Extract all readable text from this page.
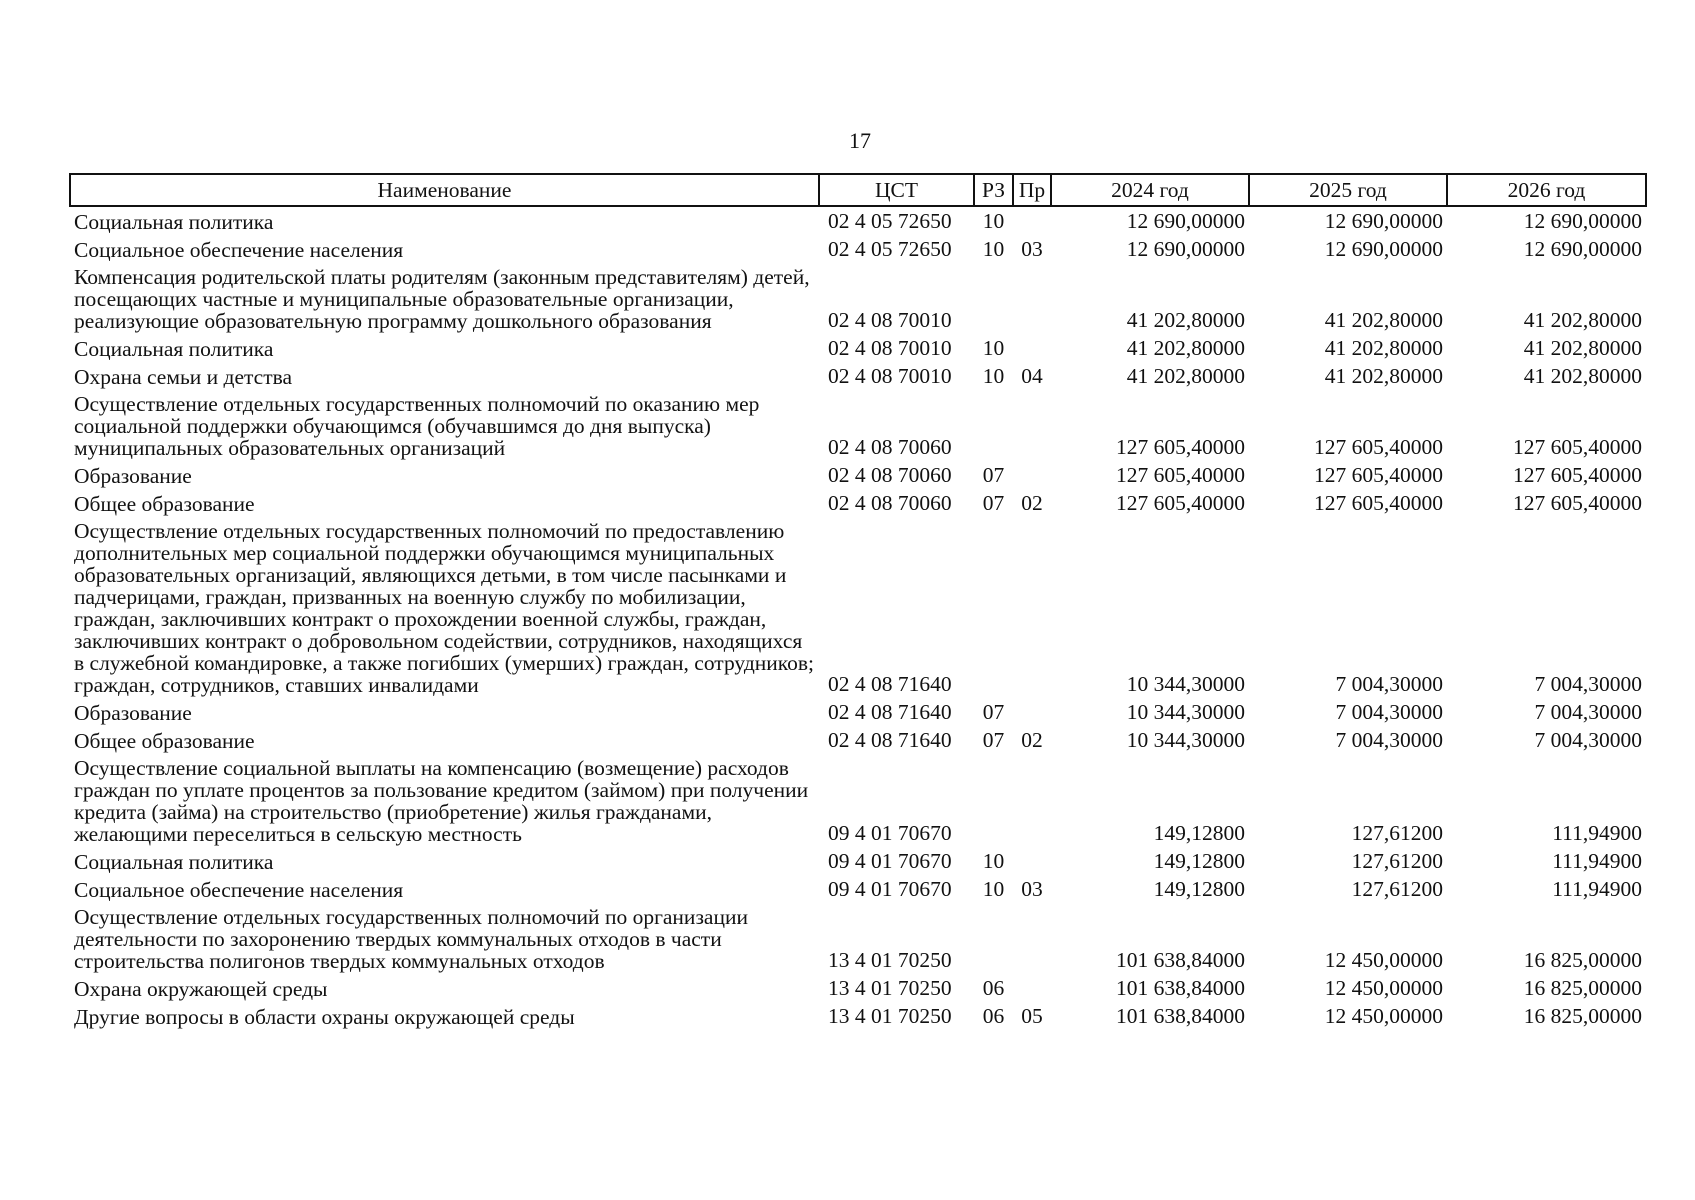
17
Наименование	ЦСТ	РЗ	Пр	2024 год	2025 год	2026 год
Социальная политика	02 4 05 72650	10		12 690,00000	12 690,00000	12 690,00000
Социальное обеспечение населения	02 4 05 72650	10	03	12 690,00000	12 690,00000	12 690,00000
Компенсация родительской платы родителям (законным представителям) детей, посещающих частные и муниципальные образовательные организации, реализующие образовательную программу дошкольного образования	02 4 08 70010			41 202,80000	41 202,80000	41 202,80000
Социальная политика	02 4 08 70010	10		41 202,80000	41 202,80000	41 202,80000
Охрана семьи и детства	02 4 08 70010	10	04	41 202,80000	41 202,80000	41 202,80000
Осуществление отдельных государственных полномочий по оказанию мер социальной поддержки обучающимся (обучавшимся до дня выпуска) муниципальных образовательных организаций	02 4 08 70060			127 605,40000	127 605,40000	127 605,40000
Образование	02 4 08 70060	07		127 605,40000	127 605,40000	127 605,40000
Общее образование	02 4 08 70060	07	02	127 605,40000	127 605,40000	127 605,40000
Осуществление отдельных государственных полномочий по предоставлению дополнительных мер социальной поддержки обучающимся муниципальных образовательных организаций, являющихся детьми, в том числе пасынками и падчерицами, граждан, призванных на военную службу по мобилизации, граждан, заключивших контракт о прохождении военной службы, граждан, заключивших контракт о добровольном содействии, сотрудников, находящихся в служебной командировке, а также погибших (умерших) граждан, сотрудников; граждан, сотрудников, ставших инвалидами	02 4 08 71640			10 344,30000	7 004,30000	7 004,30000
Образование	02 4 08 71640	07		10 344,30000	7 004,30000	7 004,30000
Общее образование	02 4 08 71640	07	02	10 344,30000	7 004,30000	7 004,30000
Осуществление социальной выплаты на компенсацию (возмещение) расходов граждан по уплате процентов за пользование кредитом (займом) при получении кредита (займа) на строительство (приобретение) жилья гражданами, желающими переселиться в сельскую местность	09 4 01 70670			149,12800	127,61200	111,94900
Социальная политика	09 4 01 70670	10		149,12800	127,61200	111,94900
Социальное обеспечение населения	09 4 01 70670	10	03	149,12800	127,61200	111,94900
Осуществление отдельных государственных полномочий по организации деятельности по захоронению твердых коммунальных отходов в части строительства полигонов твердых коммунальных отходов	13 4 01 70250			101 638,84000	12 450,00000	16 825,00000
Охрана окружающей среды	13 4 01 70250	06		101 638,84000	12 450,00000	16 825,00000
Другие вопросы в области охраны окружающей среды	13 4 01 70250	06	05	101 638,84000	12 450,00000	16 825,00000
